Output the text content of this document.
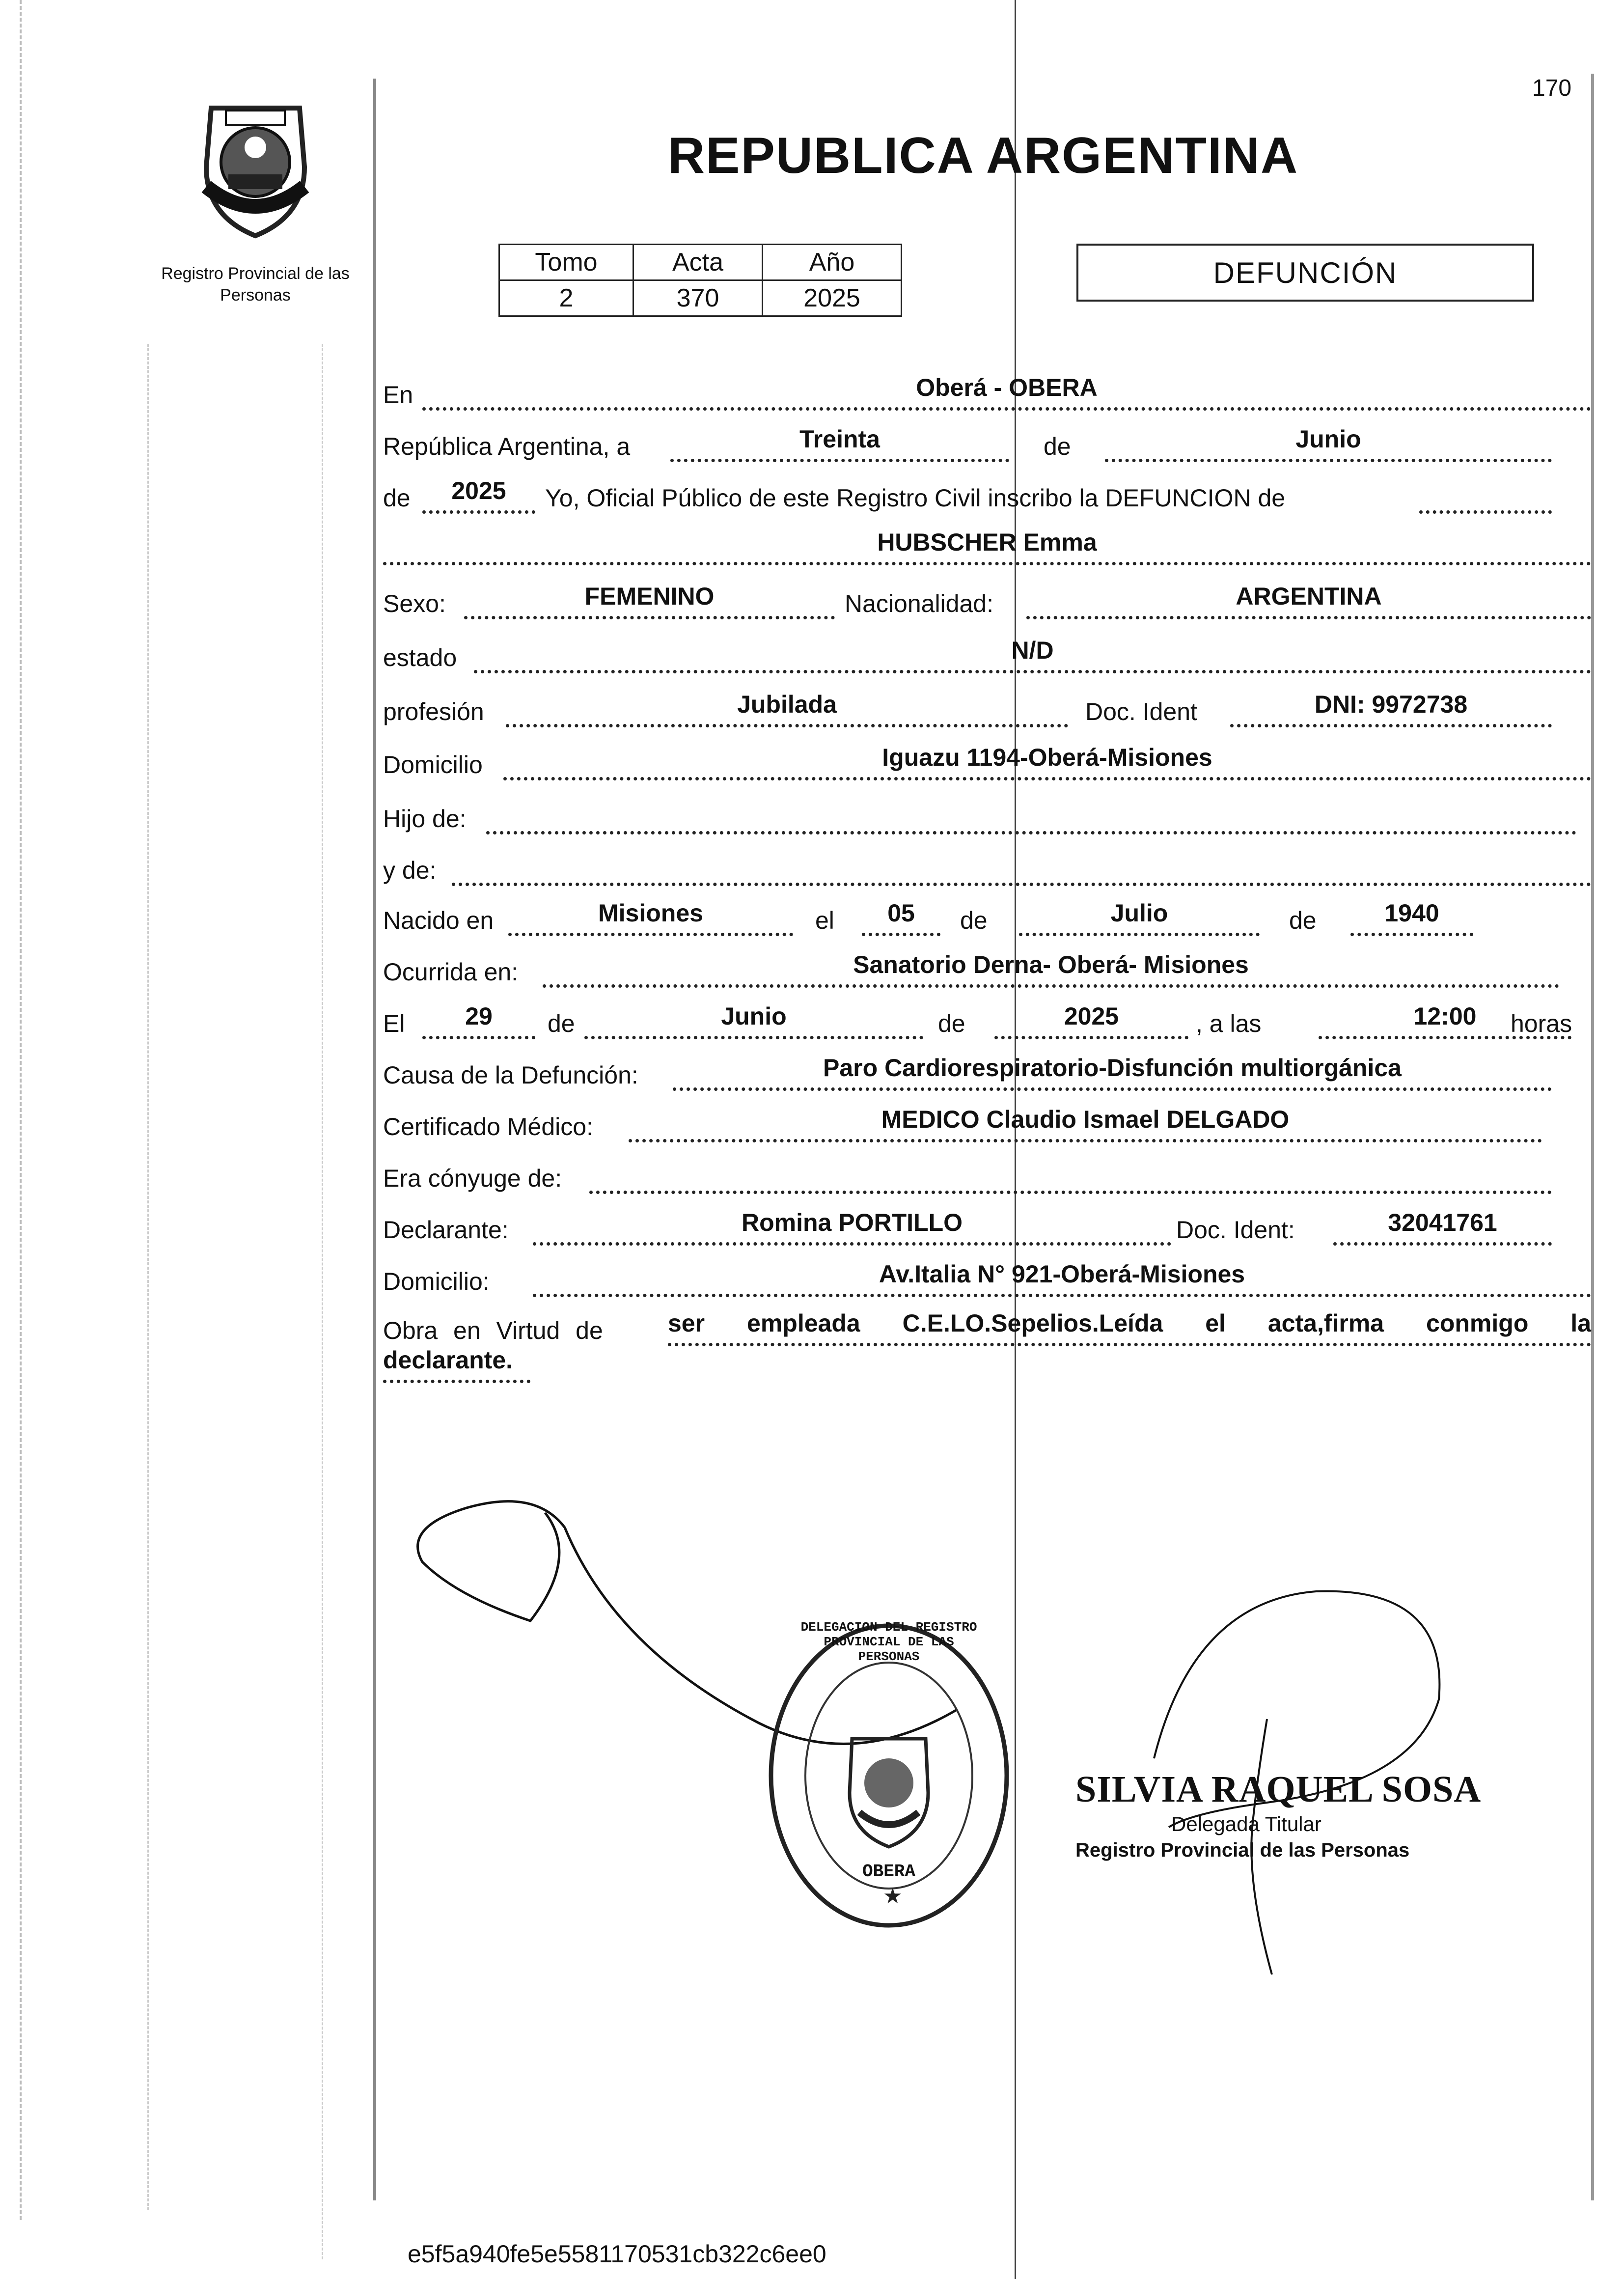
Registro Provincial de las Personas
170
REPUBLICA ARGENTINA
Tomo	Acta	Año
2	370	2025
DEFUNCIÓN
En	Oberá - OBERA
República Argentina, a	Treinta	de	Junio
de	2025	Yo, Oficial Público de este Registro Civil inscribo la DEFUNCION de
HUBSCHER Emma
Sexo:	FEMENINO	Nacionalidad:	ARGENTINA
estado	N/D
profesión	Jubilada	Doc. Ident	DNI: 9972738
Domicilio	Iguazu 1194-Oberá-Misiones
Hijo de:
y de:
Nacido en	Misiones	el	05	de	Julio	de	1940
Ocurrida en:	Sanatorio Derna- Oberá- Misiones
El	29	de	Junio	de	2025	, a las	12:00	horas
Causa de la Defunción:	Paro Cardiorespiratorio-Disfunción multiorgánica
Certificado Médico:	MEDICO Claudio Ismael DELGADO
Era cónyuge de:
Declarante:	Romina PORTILLO	Doc. Ident:	32041761
Domicilio:	Av.Italia N° 921-Oberá-Misiones
Obra en Virtud de	ser empleada C.E.LO.Sepelios.Leída el acta,firma conmigo la
declarante.
★
DELEGACION DEL REGISTRO PROVINCIAL DE LAS PERSONAS
OBERA
SILVIA RAQUEL SOSA
Delegada Titular
Registro Provincial de las Personas
e5f5a940fe5e5581170531cb322c6ee0
